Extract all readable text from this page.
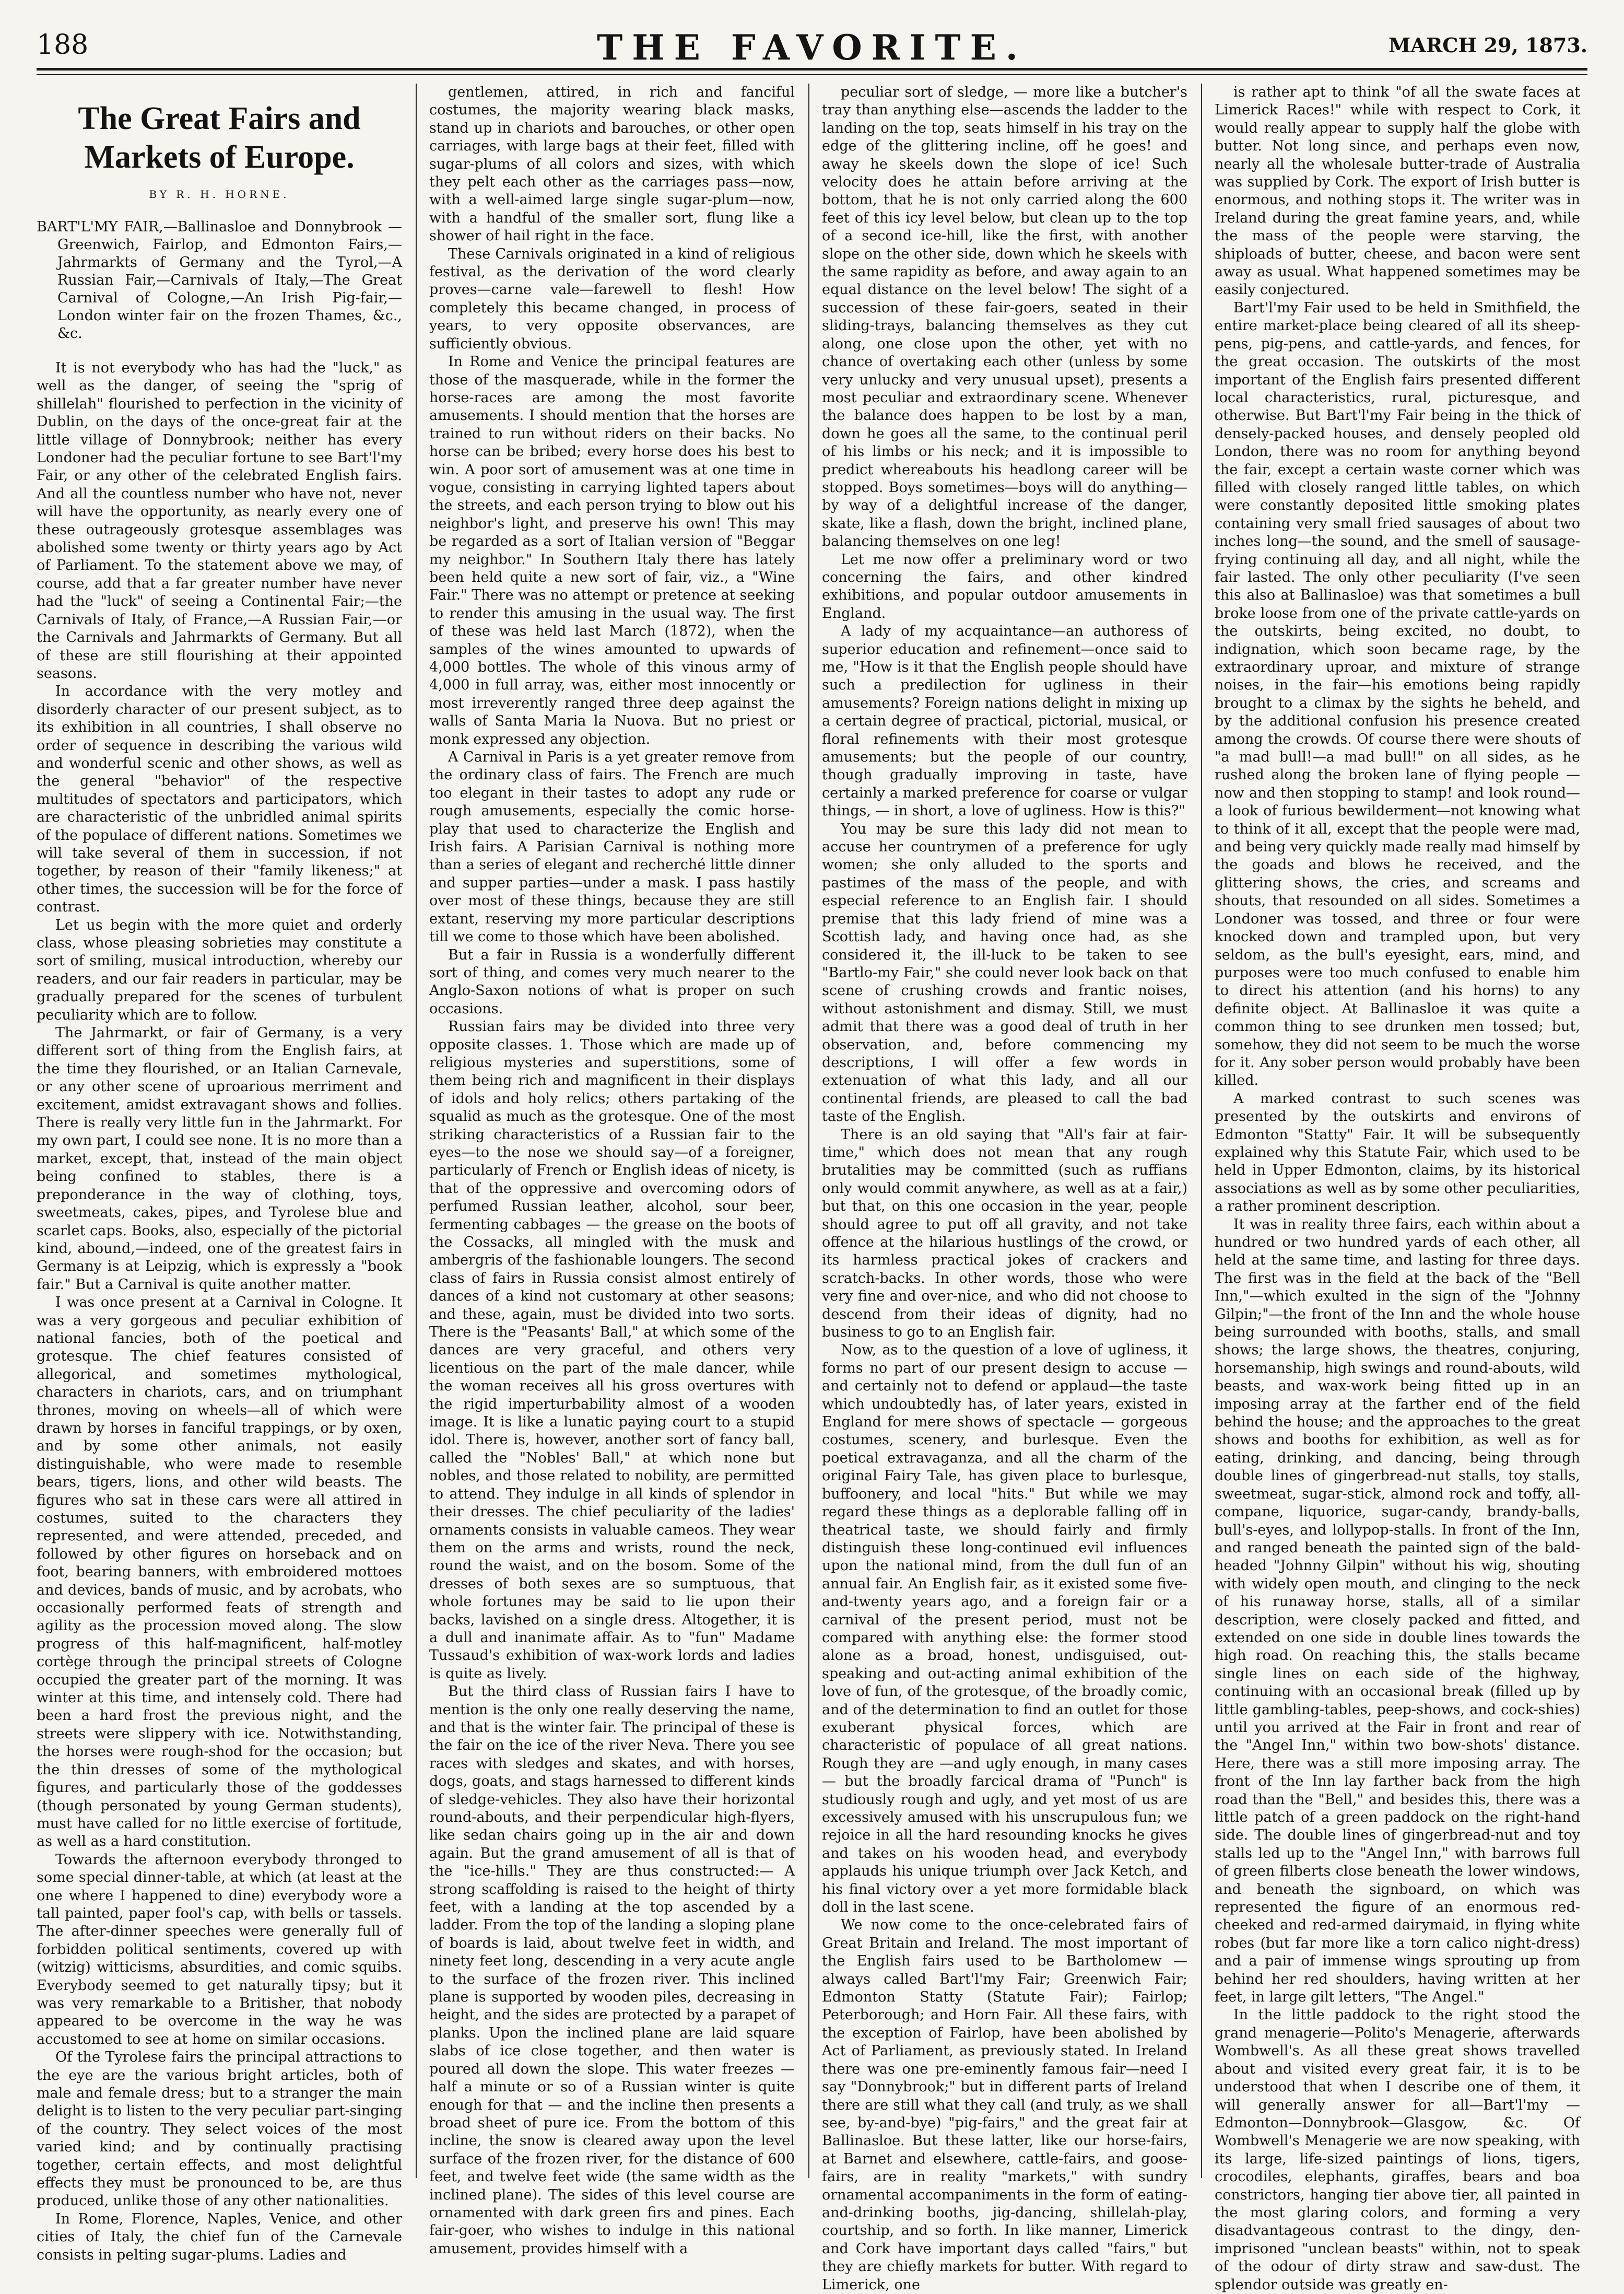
188	THE FAVORITE.	MARCH 29, 1873.
The Great Fairs and Markets of Europe.
BY R. H. HORNE.
BART'L'MY FAIR,—Ballinasloe and Donnybrook — Greenwich, Fairlop, and Edmonton Fairs,—Jahrmarkts of Germany and the Tyrol,—A Russian Fair,—Carnivals of Italy,—The Great Carnival of Cologne,—An Irish Pig-fair,—London winter fair on the frozen Thames, &c., &c.

It is not everybody who has had the "luck," as well as the danger, of seeing the "sprig of shillelah" flourished to perfection in the vicinity of Dublin, on the days of the once-great fair at the little village of Donnybrook; neither has every Londoner had the peculiar fortune to see Bart'l'my Fair, or any other of the celebrated English fairs. And all the countless number who have not, never will have the opportunity, as nearly every one of these outrageously grotesque assemblages was abolished some twenty or thirty years ago by Act of Parliament. To the statement above we may, of course, add that a far greater number have never had the "luck" of seeing a Continental Fair;—the Carnivals of Italy, of France,—A Russian Fair,—or the Carnivals and Jahrmarkts of Germany. But all of these are still flourishing at their appointed seasons.

In accordance with the very motley and disorderly character of our present subject, as to its exhibition in all countries, I shall observe no order of sequence in describing the various wild and wonderful scenic and other shows, as well as the general "behavior" of the respective multitudes of spectators and participators, which are characteristic of the unbridled animal spirits of the populace of different nations. Sometimes we will take several of them in succession, if not together, by reason of their "family likeness;" at other times, the succession will be for the force of contrast.

Let us begin with the more quiet and orderly class, whose pleasing sobrieties may constitute a sort of smiling, musical introduction, whereby our readers, and our fair readers in particular, may be gradually prepared for the scenes of turbulent peculiarity which are to follow.

The Jahrmarkt, or fair of Germany, is a very different sort of thing from the English fairs, at the time they flourished, or an Italian Carnevale, or any other scene of uproarious merriment and excitement, amidst extravagant shows and follies. There is really very little fun in the Jahrmarkt. For my own part, I could see none. It is no more than a market, except, that, instead of the main object being confined to stables, there is a preponderance in the way of clothing, toys, sweetmeats, cakes, pipes, and Tyrolese blue and scarlet caps. Books, also, especially of the pictorial kind, abound,—indeed, one of the greatest fairs in Germany is at Leipzig, which is expressly a "book fair." But a Carnival is quite another matter.

I was once present at a Carnival in Cologne. It was a very gorgeous and peculiar exhibition of national fancies, both of the poetical and grotesque. The chief features consisted of allegorical, and sometimes mythological, characters in chariots, cars, and on triumphant thrones, moving on wheels—all of which were drawn by horses in fanciful trappings, or by oxen, and by some other animals, not easily distinguishable, who were made to resemble bears, tigers, lions, and other wild beasts. The figures who sat in these cars were all attired in costumes, suited to the characters they represented, and were attended, preceded, and followed by other figures on horseback and on foot, bearing banners, with embroidered mottoes and devices, bands of music, and by acrobats, who occasionally performed feats of strength and agility as the procession moved along. The slow progress of this half-magnificent, half-motley cortège through the principal streets of Cologne occupied the greater part of the morning. It was winter at this time, and intensely cold. There had been a hard frost the previous night, and the streets were slippery with ice. Notwithstanding, the horses were rough-shod for the occasion; but the thin dresses of some of the mythological figures, and particularly those of the goddesses (though personated by young German students), must have called for no little exercise of fortitude, as well as a hard constitution.

Towards the afternoon everybody thronged to some special dinner-table, at which (at least at the one where I happened to dine) everybody wore a tall painted, paper fool's cap, with bells or tassels. The after-dinner speeches were generally full of forbidden political sentiments, covered up with (witzig) witticisms, absurdities, and comic squibs. Everybody seemed to get naturally tipsy; but it was very remarkable to a Britisher, that nobody appeared to be overcome in the way he was accustomed to see at home on similar occasions.

Of the Tyrolese fairs the principal attractions to the eye are the various bright articles, both of male and female dress; but to a stranger the main delight is to listen to the very peculiar part-singing of the country. They select voices of the most varied kind; and by continually practising together, certain effects, and most delightful effects they must be pronounced to be, are thus produced, unlike those of any other nationalities.

In Rome, Florence, Naples, Venice, and other cities of Italy, the chief fun of the Carnevale consists in pelting sugar-plums. Ladies and

gentlemen, attired, in rich and fanciful costumes, the majority wearing black masks, stand up in chariots and barouches, or other open carriages, with large bags at their feet, filled with sugar-plums of all colors and sizes, with which they pelt each other as the carriages pass—now, with a well-aimed large single sugar-plum—now, with a handful of the smaller sort, flung like a shower of hail right in the face.

These Carnivals originated in a kind of religious festival, as the derivation of the word clearly proves—carne vale—farewell to flesh! How completely this became changed, in process of years, to very opposite observances, are sufficiently obvious.

In Rome and Venice the principal features are those of the masquerade, while in the former the horse-races are among the most favorite amusements. I should mention that the horses are trained to run without riders on their backs. No horse can be bribed; every horse does his best to win. A poor sort of amusement was at one time in vogue, consisting in carrying lighted tapers about the streets, and each person trying to blow out his neighbor's light, and preserve his own! This may be regarded as a sort of Italian version of "Beggar my neighbor." In Southern Italy there has lately been held quite a new sort of fair, viz., a "Wine Fair." There was no attempt or pretence at seeking to render this amusing in the usual way. The first of these was held last March (1872), when the samples of the wines amounted to upwards of 4,000 bottles. The whole of this vinous army of 4,000 in full array, was, either most innocently or most irreverently ranged three deep against the walls of Santa Maria la Nuova. But no priest or monk expressed any objection.

A Carnival in Paris is a yet greater remove from the ordinary class of fairs. The French are much too elegant in their tastes to adopt any rude or rough amusements, especially the comic horse-play that used to characterize the English and Irish fairs. A Parisian Carnival is nothing more than a series of elegant and recherché little dinner and supper parties—under a mask. I pass hastily over most of these things, because they are still extant, reserving my more particular descriptions till we come to those which have been abolished.

But a fair in Russia is a wonderfully different sort of thing, and comes very much nearer to the Anglo-Saxon notions of what is proper on such occasions.

Russian fairs may be divided into three very opposite classes. 1. Those which are made up of religious mysteries and superstitions, some of them being rich and magnificent in their displays of idols and holy relics; others partaking of the squalid as much as the grotesque. One of the most striking characteristics of a Russian fair to the eyes—to the nose we should say—of a foreigner, particularly of French or English ideas of nicety, is that of the oppressive and overcoming odors of perfumed Russian leather, alcohol, sour beer, fermenting cabbages — the grease on the boots of the Cossacks, all mingled with the musk and ambergris of the fashionable loungers. The second class of fairs in Russia consist almost entirely of dances of a kind not customary at other seasons; and these, again, must be divided into two sorts. There is the "Peasants' Ball," at which some of the dances are very graceful, and others very licentious on the part of the male dancer, while the woman receives all his gross overtures with the rigid imperturbability almost of a wooden image. It is like a lunatic paying court to a stupid idol. There is, however, another sort of fancy ball, called the "Nobles' Ball," at which none but nobles, and those related to nobility, are permitted to attend. They indulge in all kinds of splendor in their dresses. The chief peculiarity of the ladies' ornaments consists in valuable cameos. They wear them on the arms and wrists, round the neck, round the waist, and on the bosom. Some of the dresses of both sexes are so sumptuous, that whole fortunes may be said to lie upon their backs, lavished on a single dress. Altogether, it is a dull and inanimate affair. As to "fun" Madame Tussaud's exhibition of wax-work lords and ladies is quite as lively.

But the third class of Russian fairs I have to mention is the only one really deserving the name, and that is the winter fair. The principal of these is the fair on the ice of the river Neva. There you see races with sledges and skates, and with horses, dogs, goats, and stags harnessed to different kinds of sledge-vehicles. They also have their horizontal round-abouts, and their perpendicular high-flyers, like sedan chairs going up in the air and down again. But the grand amusement of all is that of the "ice-hills." They are thus constructed:— A strong scaffolding is raised to the height of thirty feet, with a landing at the top ascended by a ladder. From the top of the landing a sloping plane of boards is laid, about twelve feet in width, and ninety feet long, descending in a very acute angle to the surface of the frozen river. This inclined plane is supported by wooden piles, decreasing in height, and the sides are protected by a parapet of planks. Upon the inclined plane are laid square slabs of ice close together, and then water is poured all down the slope. This water freezes — half a minute or so of a Russian winter is quite enough for that — and the incline then presents a broad sheet of pure ice. From the bottom of this incline, the snow is cleared away upon the level surface of the frozen river, for the distance of 600 feet, and twelve feet wide (the same width as the inclined plane). The sides of this level course are ornamented with dark green firs and pines. Each fair-goer, who wishes to indulge in this national amusement, provides himself with a

peculiar sort of sledge, — more like a butcher's tray than anything else—ascends the ladder to the landing on the top, seats himself in his tray on the edge of the glittering incline, off he goes! and away he skeels down the slope of ice! Such velocity does he attain before arriving at the bottom, that he is not only carried along the 600 feet of this icy level below, but clean up to the top of a second ice-hill, like the first, with another slope on the other side, down which he skeels with the same rapidity as before, and away again to an equal distance on the level below! The sight of a succession of these fair-goers, seated in their sliding-trays, balancing themselves as they cut along, one close upon the other, yet with no chance of overtaking each other (unless by some very unlucky and very unusual upset), presents a most peculiar and extraordinary scene. Whenever the balance does happen to be lost by a man, down he goes all the same, to the continual peril of his limbs or his neck; and it is impossible to predict whereabouts his headlong career will be stopped. Boys sometimes—boys will do anything—by way of a delightful increase of the danger, skate, like a flash, down the bright, inclined plane, balancing themselves on one leg!

Let me now offer a preliminary word or two concerning the fairs, and other kindred exhibitions, and popular outdoor amusements in England.

A lady of my acquaintance—an authoress of superior education and refinement—once said to me, "How is it that the English people should have such a predilection for ugliness in their amusements? Foreign nations delight in mixing up a certain degree of practical, pictorial, musical, or floral refinements with their most grotesque amusements; but the people of our country, though gradually improving in taste, have certainly a marked preference for coarse or vulgar things, — in short, a love of ugliness. How is this?"

You may be sure this lady did not mean to accuse her countrymen of a preference for ugly women; she only alluded to the sports and pastimes of the mass of the people, and with especial reference to an English fair. I should premise that this lady friend of mine was a Scottish lady, and having once had, as she considered it, the ill-luck to be taken to see "Bartlo-my Fair," she could never look back on that scene of crushing crowds and frantic noises, without astonishment and dismay. Still, we must admit that there was a good deal of truth in her observation, and, before commencing my descriptions, I will offer a few words in extenuation of what this lady, and all our continental friends, are pleased to call the bad taste of the English.

There is an old saying that "All's fair at fair-time," which does not mean that any rough brutalities may be committed (such as ruffians only would commit anywhere, as well as at a fair,) but that, on this one occasion in the year, people should agree to put off all gravity, and not take offence at the hilarious hustlings of the crowd, or its harmless practical jokes of crackers and scratch-backs. In other words, those who were very fine and over-nice, and who did not choose to descend from their ideas of dignity, had no business to go to an English fair.

Now, as to the question of a love of ugliness, it forms no part of our present design to accuse —and certainly not to defend or applaud—the taste which undoubtedly has, of later years, existed in England for mere shows of spectacle — gorgeous costumes, scenery, and burlesque. Even the poetical extravaganza, and all the charm of the original Fairy Tale, has given place to burlesque, buffoonery, and local "hits." But while we may regard these things as a deplorable falling off in theatrical taste, we should fairly and firmly distinguish these long-continued evil influences upon the national mind, from the dull fun of an annual fair. An English fair, as it existed some five-and-twenty years ago, and a foreign fair or a carnival of the present period, must not be compared with anything else: the former stood alone as a broad, honest, undisguised, out-speaking and out-acting animal exhibition of the love of fun, of the grotesque, of the broadly comic, and of the determination to find an outlet for those exuberant physical forces, which are characteristic of populace of all great nations. Rough they are —and ugly enough, in many cases — but the broadly farcical drama of "Punch" is studiously rough and ugly, and yet most of us are excessively amused with his unscrupulous fun; we rejoice in all the hard resounding knocks he gives and takes on his wooden head, and everybody applauds his unique triumph over Jack Ketch, and his final victory over a yet more formidable black doll in the last scene.

We now come to the once-celebrated fairs of Great Britain and Ireland. The most important of the English fairs used to be Bartholomew — always called Bart'l'my Fair; Greenwich Fair; Edmonton Statty (Statute Fair); Fairlop; Peterborough; and Horn Fair. All these fairs, with the exception of Fairlop, have been abolished by Act of Parliament, as previously stated. In Ireland there was one pre-eminently famous fair—need I say "Donnybrook;" but in different parts of Ireland there are still what they call (and truly, as we shall see, by-and-bye) "pig-fairs," and the great fair at Ballinasloe. But these latter, like our horse-fairs, at Barnet and elsewhere, cattle-fairs, and goose-fairs, are in reality "markets," with sundry ornamental accompaniments in the form of eating-and-drinking booths, jig-dancing, shillelah-play, courtship, and so forth. In like manner, Limerick and Cork have important days called "fairs," but they are chiefly markets for butter. With regard to Limerick, one

is rather apt to think "of all the swate faces at Limerick Races!" while with respect to Cork, it would really appear to supply half the globe with butter. Not long since, and perhaps even now, nearly all the wholesale butter-trade of Australia was supplied by Cork. The export of Irish butter is enormous, and nothing stops it. The writer was in Ireland during the great famine years, and, while the mass of the people were starving, the shiploads of butter, cheese, and bacon were sent away as usual. What happened sometimes may be easily conjectured.

Bart'l'my Fair used to be held in Smithfield, the entire market-place being cleared of all its sheep-pens, pig-pens, and cattle-yards, and fences, for the great occasion. The outskirts of the most important of the English fairs presented different local characteristics, rural, picturesque, and otherwise. But Bart'l'my Fair being in the thick of densely-packed houses, and densely peopled old London, there was no room for anything beyond the fair, except a certain waste corner which was filled with closely ranged little tables, on which were constantly deposited little smoking plates containing very small fried sausages of about two inches long—the sound, and the smell of sausage-frying continuing all day, and all night, while the fair lasted. The only other peculiarity (I've seen this also at Ballinasloe) was that sometimes a bull broke loose from one of the private cattle-yards on the outskirts, being excited, no doubt, to indignation, which soon became rage, by the extraordinary uproar, and mixture of strange noises, in the fair—his emotions being rapidly brought to a climax by the sights he beheld, and by the additional confusion his presence created among the crowds. Of course there were shouts of "a mad bull!—a mad bull!" on all sides, as he rushed along the broken lane of flying people —now and then stopping to stamp! and look round—a look of furious bewilderment—not knowing what to think of it all, except that the people were mad, and being very quickly made really mad himself by the goads and blows he received, and the glittering shows, the cries, and screams and shouts, that resounded on all sides. Sometimes a Londoner was tossed, and three or four were knocked down and trampled upon, but very seldom, as the bull's eyesight, ears, mind, and purposes were too much confused to enable him to direct his attention (and his horns) to any definite object. At Ballinasloe it was quite a common thing to see drunken men tossed; but, somehow, they did not seem to be much the worse for it. Any sober person would probably have been killed.

A marked contrast to such scenes was presented by the outskirts and environs of Edmonton "Statty" Fair. It will be subsequently explained why this Statute Fair, which used to be held in Upper Edmonton, claims, by its historical associations as well as by some other peculiarities, a rather prominent description.

It was in reality three fairs, each within about a hundred or two hundred yards of each other, all held at the same time, and lasting for three days. The first was in the field at the back of the "Bell Inn,"—which exulted in the sign of the "Johnny Gilpin;"—the front of the Inn and the whole house being surrounded with booths, stalls, and small shows; the large shows, the theatres, conjuring, horsemanship, high swings and round-abouts, wild beasts, and wax-work being fitted up in an imposing array at the farther end of the field behind the house; and the approaches to the great shows and booths for exhibition, as well as for eating, drinking, and dancing, being through double lines of gingerbread-nut stalls, toy stalls, sweetmeat, sugar-stick, almond rock and toffy, all-compane, liquorice, sugar-candy, brandy-balls, bull's-eyes, and lollypop-stalls. In front of the Inn, and ranged beneath the painted sign of the bald-headed "Johnny Gilpin" without his wig, shouting with widely open mouth, and clinging to the neck of his runaway horse, stalls, all of a similar description, were closely packed and fitted, and extended on one side in double lines towards the high road. On reaching this, the stalls became single lines on each side of the highway, continuing with an occasional break (filled up by little gambling-tables, peep-shows, and cock-shies) until you arrived at the Fair in front and rear of the "Angel Inn," within two bow-shots' distance. Here, there was a still more imposing array. The front of the Inn lay farther back from the high road than the "Bell," and besides this, there was a little patch of a green paddock on the right-hand side. The double lines of gingerbread-nut and toy stalls led up to the "Angel Inn," with barrows full of green filberts close beneath the lower windows, and beneath the signboard, on which was represented the figure of an enormous red-cheeked and red-armed dairymaid, in flying white robes (but far more like a torn calico night-dress) and a pair of immense wings sprouting up from behind her red shoulders, having written at her feet, in large gilt letters, "The Angel."

In the little paddock to the right stood the grand menagerie—Polito's Menagerie, afterwards Wombwell's. As all these great shows travelled about and visited every great fair, it is to be understood that when I describe one of them, it will generally answer for all—Bart'l'my —Edmonton—Donnybrook—Glasgow, &c. Of Wombwell's Menagerie we are now speaking, with its large, life-sized paintings of lions, tigers, crocodiles, elephants, giraffes, bears and boa constrictors, hanging tier above tier, all painted in the most glaring colors, and forming a very disadvantageous contrast to the dingy, den-imprisoned "unclean beasts" within, not to speak of the odour of dirty straw and saw-dust. The splendor outside was greatly en-
